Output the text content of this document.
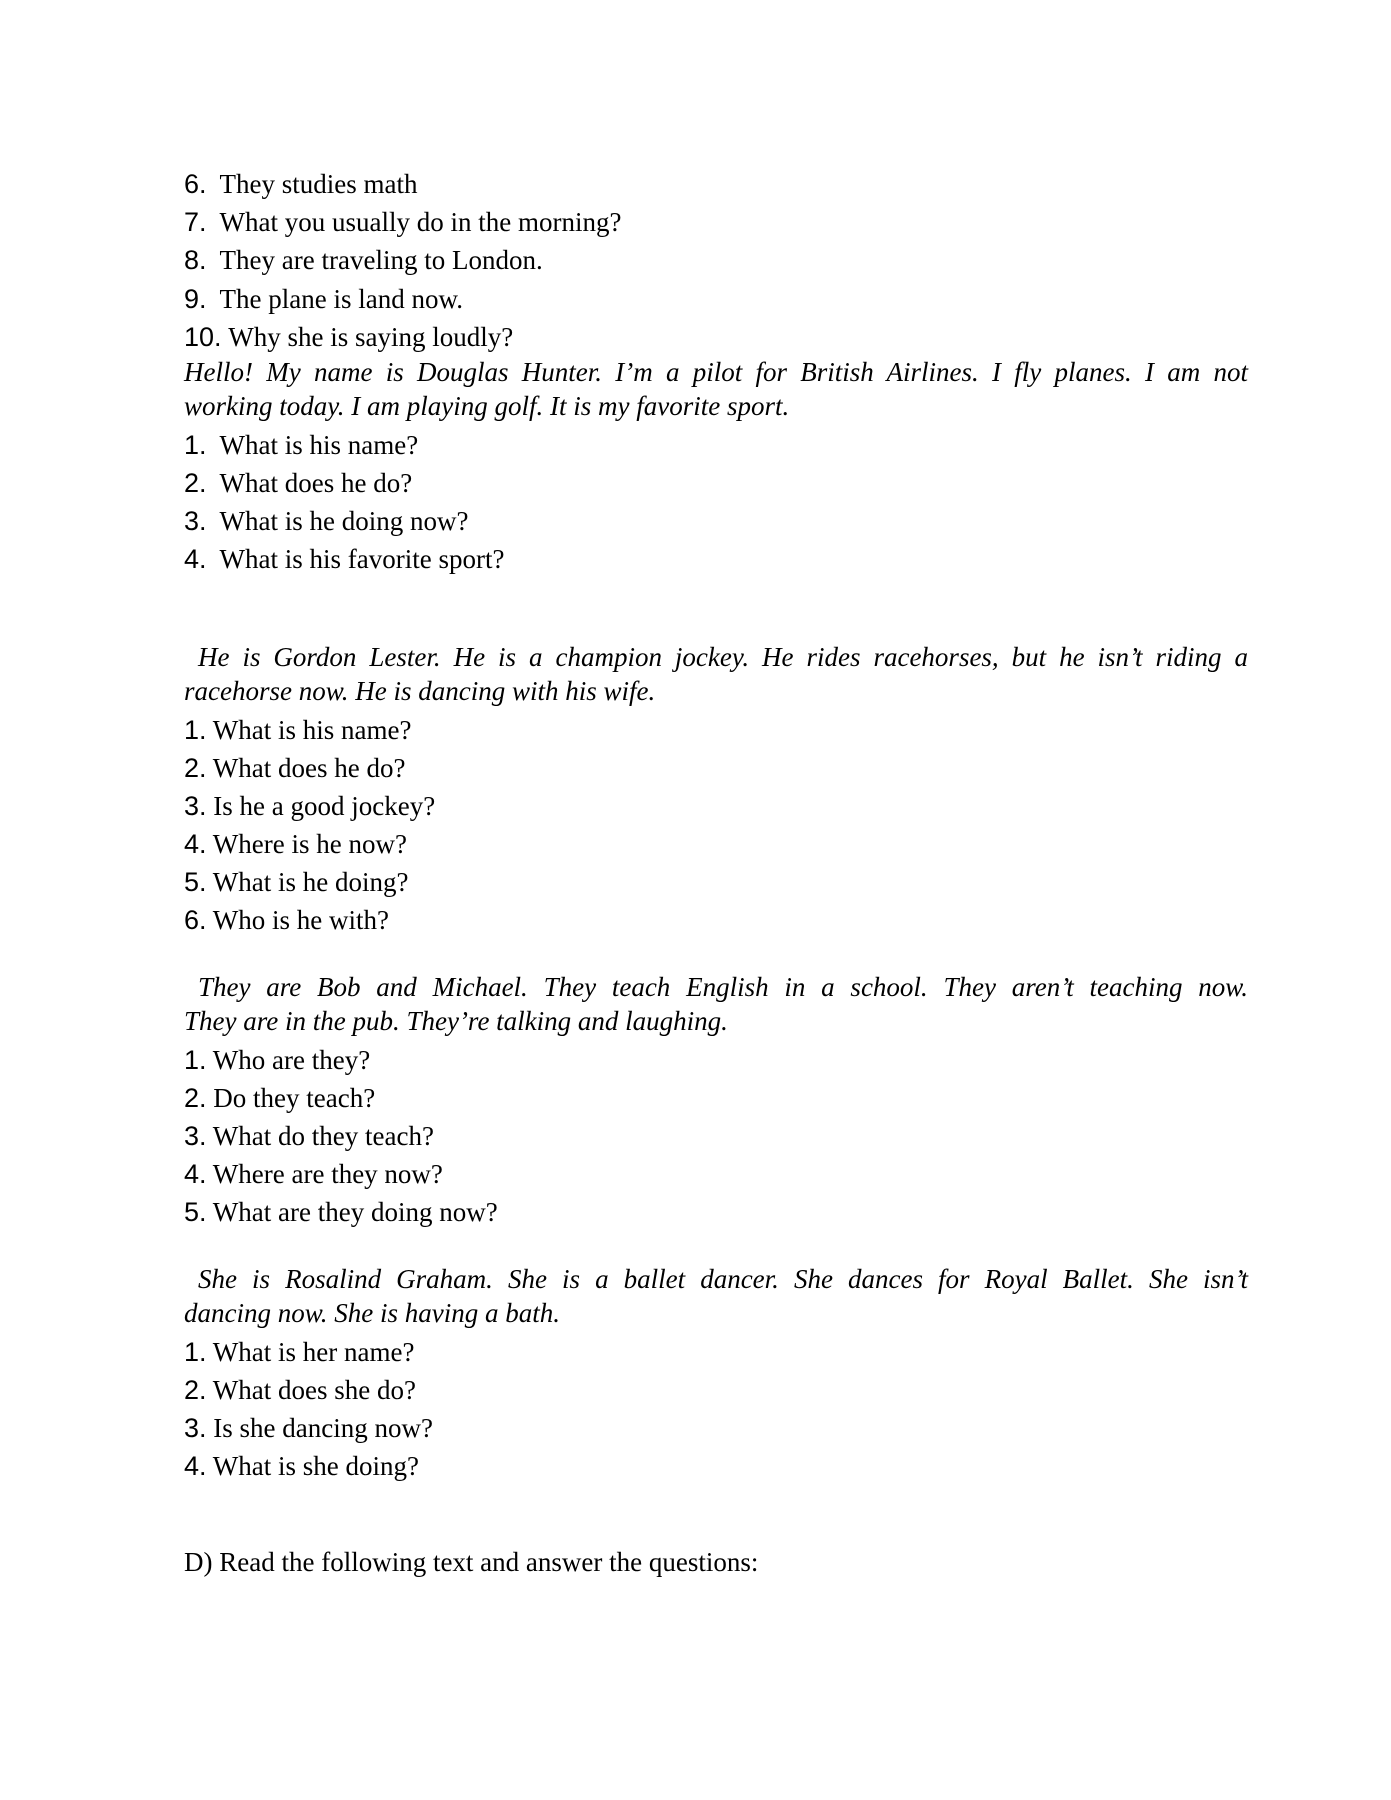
6. They studies math
7. What you usually do in the morning?
8. They are traveling to London.
9. The plane is land now.
10. Why she is saying loudly?
Hello! My name is Douglas Hunter. I’m a pilot for British Airlines. I fly planes. I am not
working today. I am playing golf. It is my favorite sport.
1. What is his name?
2. What does he do?
3. What is he doing now?
4. What is his favorite sport?
He is Gordon Lester. He is a champion jockey. He rides racehorses, but he isn’t riding a
racehorse now. He is dancing with his wife.
1. What is his name?
2. What does he do?
3. Is he a good jockey?
4. Where is he now?
5. What is he doing?
6. Who is he with?
They are Bob and Michael. They teach English in a school. They aren’t teaching now.
They are in the pub. They’re talking and laughing.
1. Who are they?
2. Do they teach?
3. What do they teach?
4. Where are they now?
5. What are they doing now?
She is Rosalind Graham. She is a ballet dancer. She dances for Royal Ballet. She isn’t
dancing now. She is having a bath.
1. What is her name?
2. What does she do?
3. Is she dancing now?
4. What is she doing?
D) Read the following text and answer the questions:
